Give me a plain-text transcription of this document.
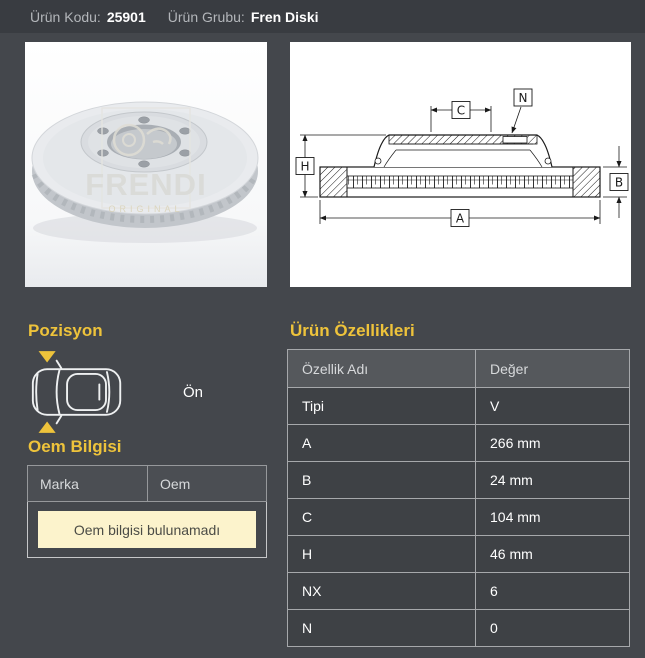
Ürün Kodu: 25901 Ürün Grubu: Fren Diski
FRENDI
ORIGINAL
C
N
H
B
A
Pozisyon
Ön
Oem Bilgisi
Marka	Oem
Oem bilgisi bulunamadı
Ürün Özellikleri
Özellik Adı	Değer
Tipi	V
A	266 mm
B	24 mm
C	104 mm
H	46 mm
NX	6
N	0
